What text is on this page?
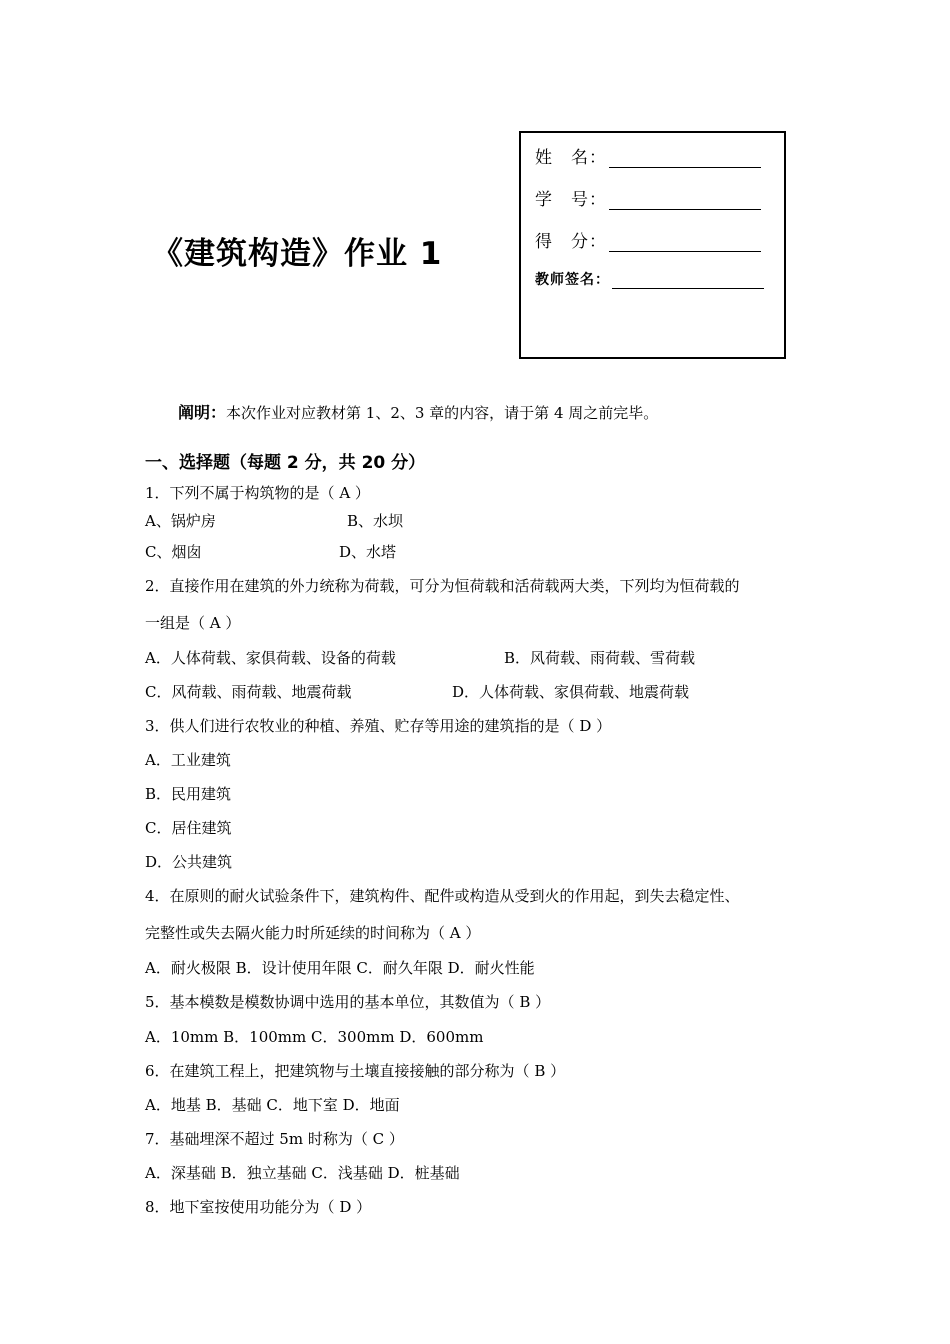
《建筑构造》作业 1
姓　名：
学　号：
得　分：
教师签名：
阐明：本次作业对应教材第 1、2、3 章的内容，请于第 4 周之前完毕。
一、选择题（每题 2 分，共 20 分）
1．下列不属于构筑物的是（ A ）
A、锅炉房	B、水坝
C、烟囱	D、水塔
2．直接作用在建筑的外力统称为荷载，可分为恒荷载和活荷载两大类，下列均为恒荷载的
一组是（ A ）
A．人体荷载、家俱荷载、设备的荷载	B．风荷载、雨荷载、雪荷载
C．风荷载、雨荷载、地震荷载	D．人体荷载、家俱荷载、地震荷载
3．供人们进行农牧业的种植、养殖、贮存等用途的建筑指的是（ D ）
A．工业建筑
B．民用建筑
C．居住建筑
D．公共建筑
4．在原则的耐火试验条件下，建筑构件、配件或构造从受到火的作用起，到失去稳定性、
完整性或失去隔火能力时所延续的时间称为（ A ）
A．耐火极限 B．设计使用年限 C．耐久年限 D．耐火性能
5．基本模数是模数协调中选用的基本单位，其数值为（ B ）
A．10mm B．100mm C．300mm D．600mm
6．在建筑工程上，把建筑物与土壤直接接触的部分称为（ B ）
A．地基 B．基础 C．地下室 D．地面
7．基础埋深不超过 5m 时称为（ C ）
A．深基础 B．独立基础 C．浅基础 D．桩基础
8．地下室按使用功能分为（ D ）
